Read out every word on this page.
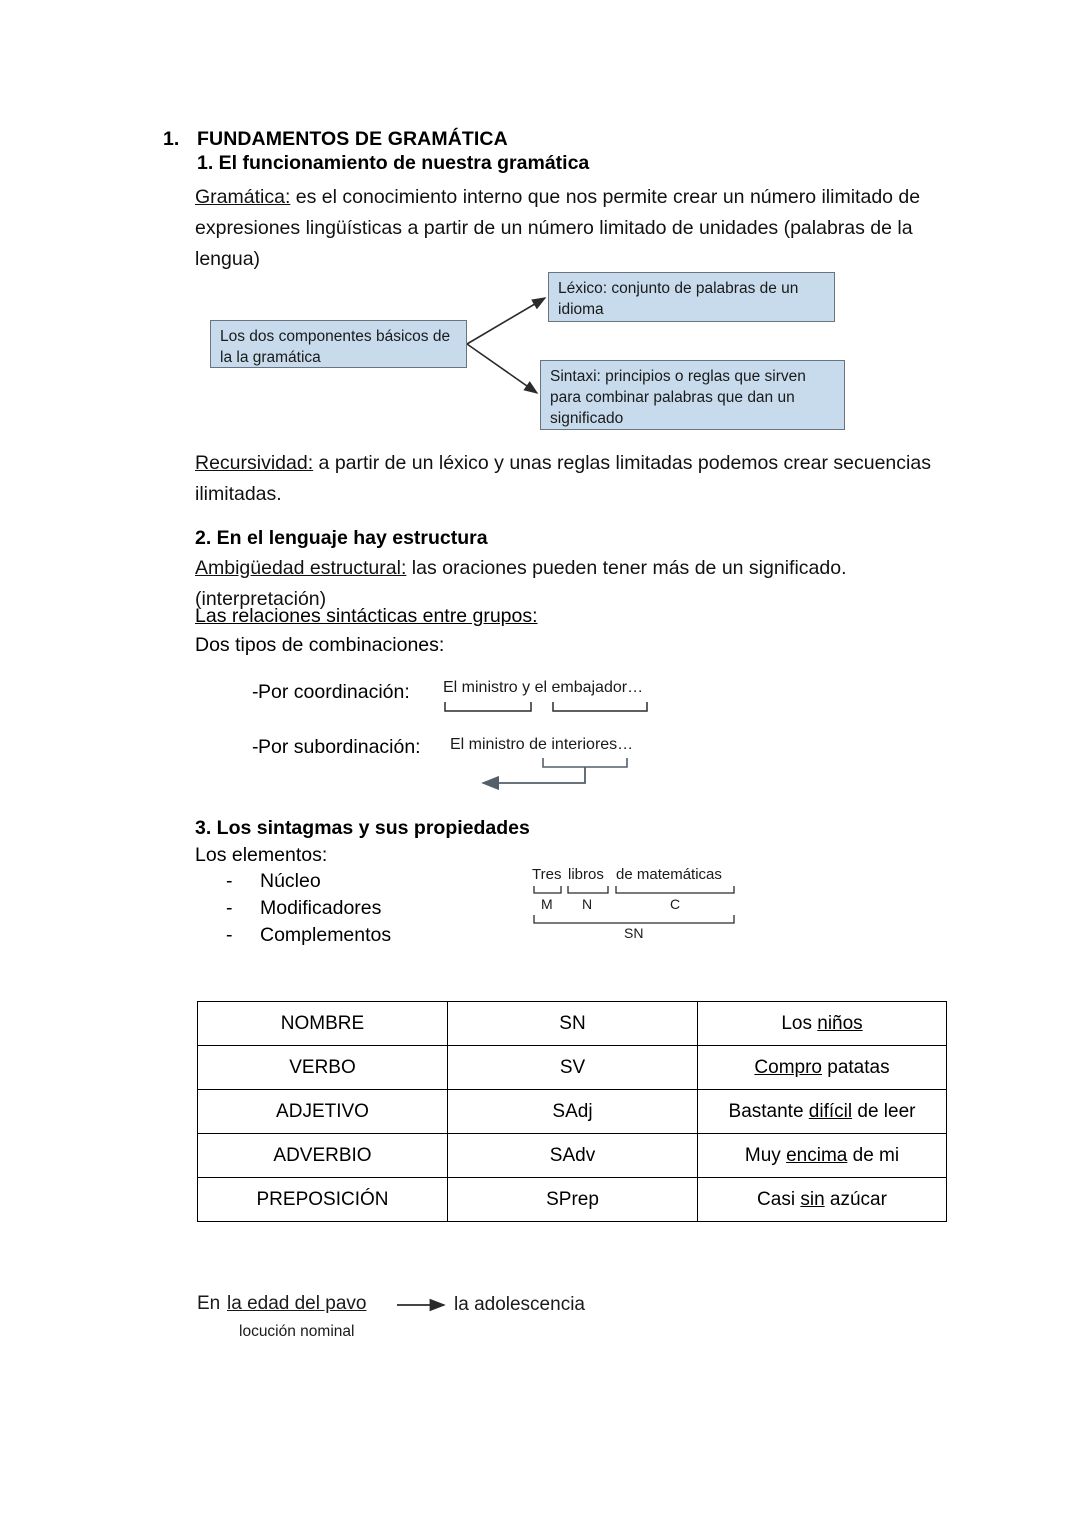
1. FUNDAMENTOS DE GRAMÁTICA
1. El funcionamiento de nuestra gramática
Gramática: es el conocimiento interno que nos permite crear un número ilimitado de expresiones lingüísticas a partir de un número limitado de unidades (palabras de la lengua)
Los dos componentes básicos de la la gramática
Léxico: conjunto de palabras de un idioma
Sintaxi: principios o reglas que sirven para combinar palabras que dan un significado
Recursividad: a partir de un léxico y unas reglas limitadas podemos crear secuencias ilimitadas.
2. En el lenguaje hay estructura
Ambigüedad estructural: las oraciones pueden tener más de un significado. (interpretación)
Las relaciones sintácticas entre grupos:
Dos tipos de combinaciones:
- Por coordinación: El ministro y el embajador…
- Por subordinación: El ministro de interiores…
3. Los sintagmas y sus propiedades
Los elementos:
- Núcleo
- Modificadores
- Complementos
Tres libros de matemáticas
M N	C
SN
NOMBRE	SN	Los niños
VERBO	SV	Compro patatas
ADJETIVO	SAdj	Bastante difícil de leer
ADVERBIO	SAdv	Muy encima de mi
PREPOSICIÓN	SPrep	Casi sin azúcar
En la edad del pavo
locución nominal
la adolescencia
